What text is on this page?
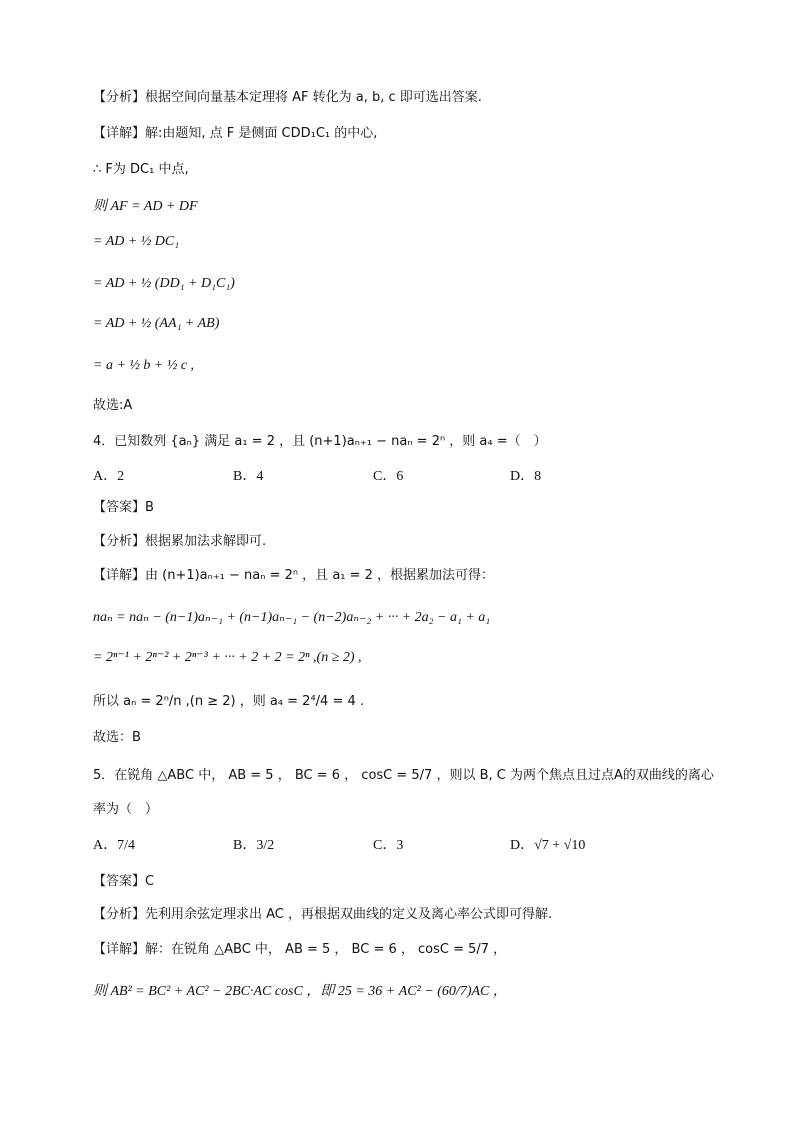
【分析】根据空间向量基本定理将 AF 转化为 a, b, c 即可选出答案.
【详解】解:由题知, 点 F 是侧面 CDD₁C₁ 的中心,
∴ F为 DC₁ 中点,
则 AF = AD + DF
= AD + ½ DC₁
= AD + ½ (DD₁ + D₁C₁)
= AD + ½ (AA₁ + AB)
= a + ½ b + ½ c ,
故选:A
4．已知数列 {aₙ} 满足 a₁ = 2 ，且 (n+1)aₙ₊₁ − naₙ = 2ⁿ ，则 a₄ =（　）
A．2	B．4	C．6	D．8
【答案】B
【分析】根据累加法求解即可.
【详解】由 (n+1)aₙ₊₁ − naₙ = 2ⁿ ，且 a₁ = 2 ，根据累加法可得：
naₙ = naₙ − (n−1)aₙ₋₁ + (n−1)aₙ₋₁ − (n−2)aₙ₋₂ + ··· + 2a₂ − a₁ + a₁
= 2ⁿ⁻¹ + 2ⁿ⁻² + 2ⁿ⁻³ + ··· + 2 + 2 = 2ⁿ ,(n ≥ 2) ,
所以 aₙ = 2ⁿ/n ,(n ≥ 2) ，则 a₄ = 2⁴/4 = 4 .
故选：B
5．在锐角 △ABC 中， AB = 5 ， BC = 6 ， cosC = 5/7 ，则以 B, C 为两个焦点且过点A的双曲线的离心
率为（　）
A．7/4	B．3/2	C．3	D．√7 + √10
【答案】C
【分析】先利用余弦定理求出 AC ，再根据双曲线的定义及离心率公式即可得解.
【详解】解：在锐角 △ABC 中， AB = 5 ， BC = 6 ， cosC = 5/7 ，
则 AB² = BC² + AC² − 2BC·AC cosC ，即 25 = 36 + AC² − (60/7)AC ，
